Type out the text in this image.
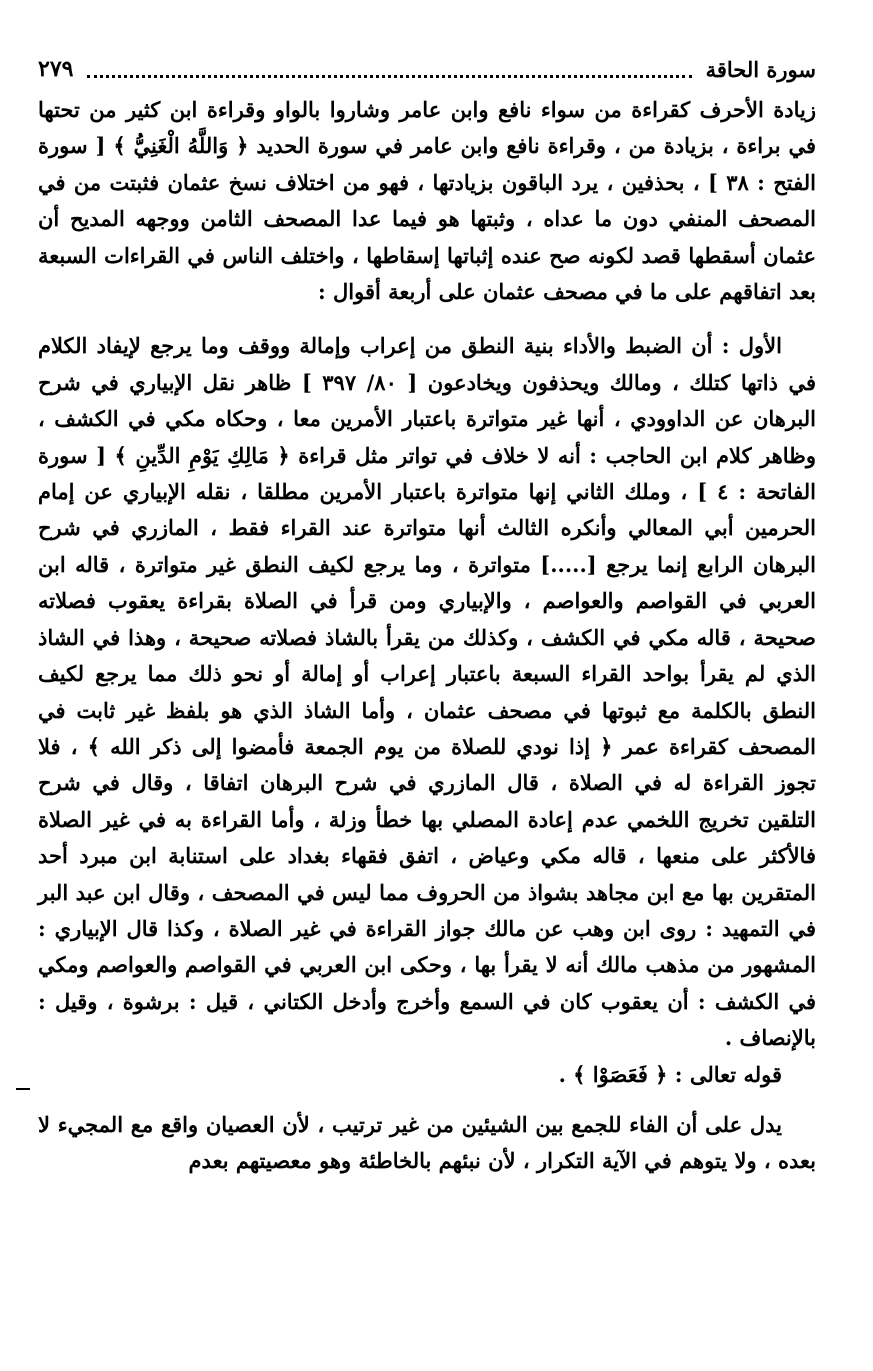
سورة الحاقة
٢٧٩

زيادة الأحرف كقراءة من سواء نافع وابن عامر وشاروا بالواو وقراءة ابن كثير من تحتها في براءة ، بزيادة من ، وقراءة نافع وابن عامر في سورة الحديد ﴿ وَاللَّهُ الْغَنِيُّ ﴾ [ سورة الفتح : ٣٨ ] ، بحذفين ، يرد الباقون بزيادتها ، فهو من اختلاف نسخ عثمان فثبتت من في المصحف المنفي دون ما عداه ، وثبتها هو فيما عدا المصحف الثامن ووجهه المديح أن عثمان أسقطها قصد لكونه صح عنده إثباتها إسقاطها ، واختلف الناس في القراءات السبعة بعد اتفاقهم على ما في مصحف عثمان على أربعة أقوال :

الأول : أن الضبط والأداء بنية النطق من إعراب وإمالة ووقف وما يرجع لإيفاد الكلام في ذاتها كتلك ، ومالك ويحذفون ويخادعون [ ٨٠/ ٣٩٧ ] ظاهر نقل الإبياري في شرح البرهان عن الداوودي ، أنها غير متواترة باعتبار الأمرين معا ، وحكاه مكي في الكشف ، وظاهر كلام ابن الحاجب : أنه لا خلاف في تواتر مثل قراءة ﴿ مَالِكِ يَوْمِ الدِّينِ ﴾ [ سورة الفاتحة : ٤ ] ، وملك الثاني إنها متواترة باعتبار الأمرين مطلقا ، نقله الإبياري عن إمام الحرمين أبي المعالي وأنكره الثالث أنها متواترة عند القراء فقط ، المازري في شرح البرهان الرابع إنما يرجع [.....] متواترة ، وما يرجع لكيف النطق غير متواترة ، قاله ابن العربي في القواصم والعواصم ، والإبياري ومن قرأ في الصلاة بقراءة يعقوب فصلاته صحيحة ، قاله مكي في الكشف ، وكذلك من يقرأ بالشاذ فصلاته صحيحة ، وهذا في الشاذ الذي لم يقرأ بواحد القراء السبعة باعتبار إعراب أو إمالة أو نحو ذلك مما يرجع لكيف النطق بالكلمة مع ثبوتها في مصحف عثمان ، وأما الشاذ الذي هو بلفظ غير ثابت في المصحف كقراءة عمر ﴿ إذا نودي للصلاة من يوم الجمعة فأمضوا إلى ذكر الله ﴾ ، فلا تجوز القراءة له في الصلاة ، قال المازري في شرح البرهان اتفاقا ، وقال في شرح التلقين تخريج اللخمي عدم إعادة المصلي بها خطأ وزلة ، وأما القراءة به في غير الصلاة فالأكثر على منعها ، قاله مكي وعياض ، اتفق فقهاء بغداد على استنابة ابن مبرد أحد المتقرين بها مع ابن مجاهد بشواذ من الحروف مما ليس في المصحف ، وقال ابن عبد البر في التمهيد : روى ابن وهب عن مالك جواز القراءة في غير الصلاة ، وكذا قال الإبياري : المشهور من مذهب مالك أنه لا يقرأ بها ، وحكى ابن العربي في القواصم والعواصم ومكي في الكشف : أن يعقوب كان في السمع وأخرج وأدخل الكتاني ، قيل : برشوة ، وقيل : بالإنصاف .

قوله تعالى : ﴿ فَعَصَوْا ﴾ .

يدل على أن الفاء للجمع بين الشيئين من غير ترتيب ، لأن العصيان واقع مع المجيء لا بعده ، ولا يتوهم في الآية التكرار ، لأن نبئهم بالخاطئة وهو معصيتهم بعدم
